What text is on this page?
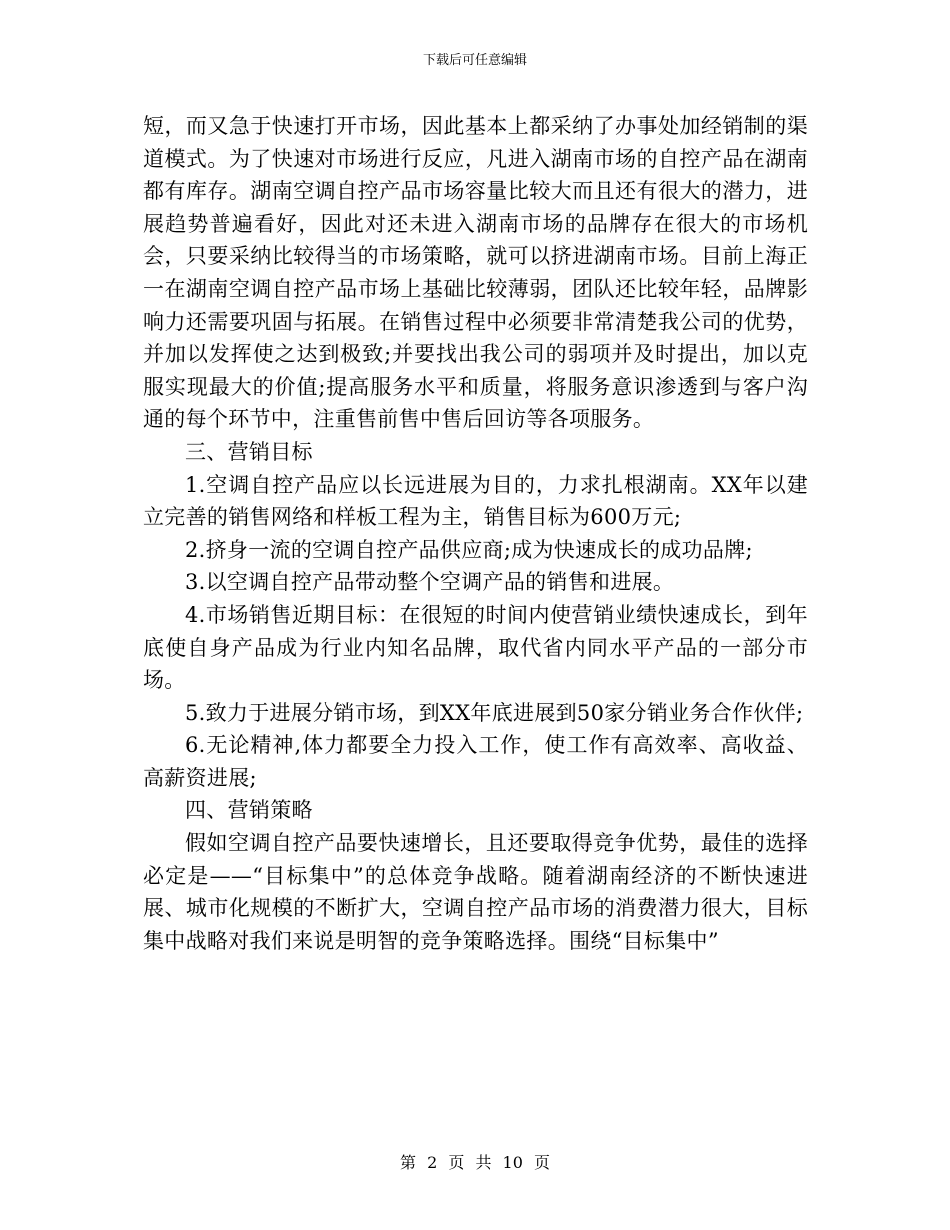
下载后可任意编辑

短，而又急于快速打开市场，因此基本上都采纳了办事处加经销制的渠道模式。为了快速对市场进行反应，凡进入湖南市场的自控产品在湖南都有库存。湖南空调自控产品市场容量比较大而且还有很大的潜力，进展趋势普遍看好，因此对还未进入湖南市场的品牌存在很大的市场机会，只要采纳比较得当的市场策略，就可以挤进湖南市场。目前上海正一在湖南空调自控产品市场上基础比较薄弱，团队还比较年轻，品牌影响力还需要巩固与拓展。在销售过程中必须要非常清楚我公司的优势，并加以发挥使之达到极致;并要找出我公司的弱项并及时提出，加以克服实现最大的价值;提高服务水平和质量，将服务意识渗透到与客户沟通的每个环节中，注重售前售中售后回访等各项服务。

三、营销目标

1.空调自控产品应以长远进展为目的，力求扎根湖南。XX年以建立完善的销售网络和样板工程为主，销售目标为600万元;

2.挤身一流的空调自控产品供应商;成为快速成长的成功品牌;

3.以空调自控产品带动整个空调产品的销售和进展。

4.市场销售近期目标：在很短的时间内使营销业绩快速成长，到年底使自身产品成为行业内知名品牌，取代省内同水平产品的一部分市场。

5.致力于进展分销市场，到XX年底进展到50家分销业务合作伙伴;

6.无论精神,体力都要全力投入工作，使工作有高效率、高收益、高薪资进展;

四、营销策略

假如空调自控产品要快速增长，且还要取得竞争优势，最佳的选择必定是——“目标集中”的总体竞争战略。随着湖南经济的不断快速进展、城市化规模的不断扩大，空调自控产品市场的消费潜力很大，目标集中战略对我们来说是明智的竞争策略选择。围绕“目标集中”

第 2 页 共 10 页
